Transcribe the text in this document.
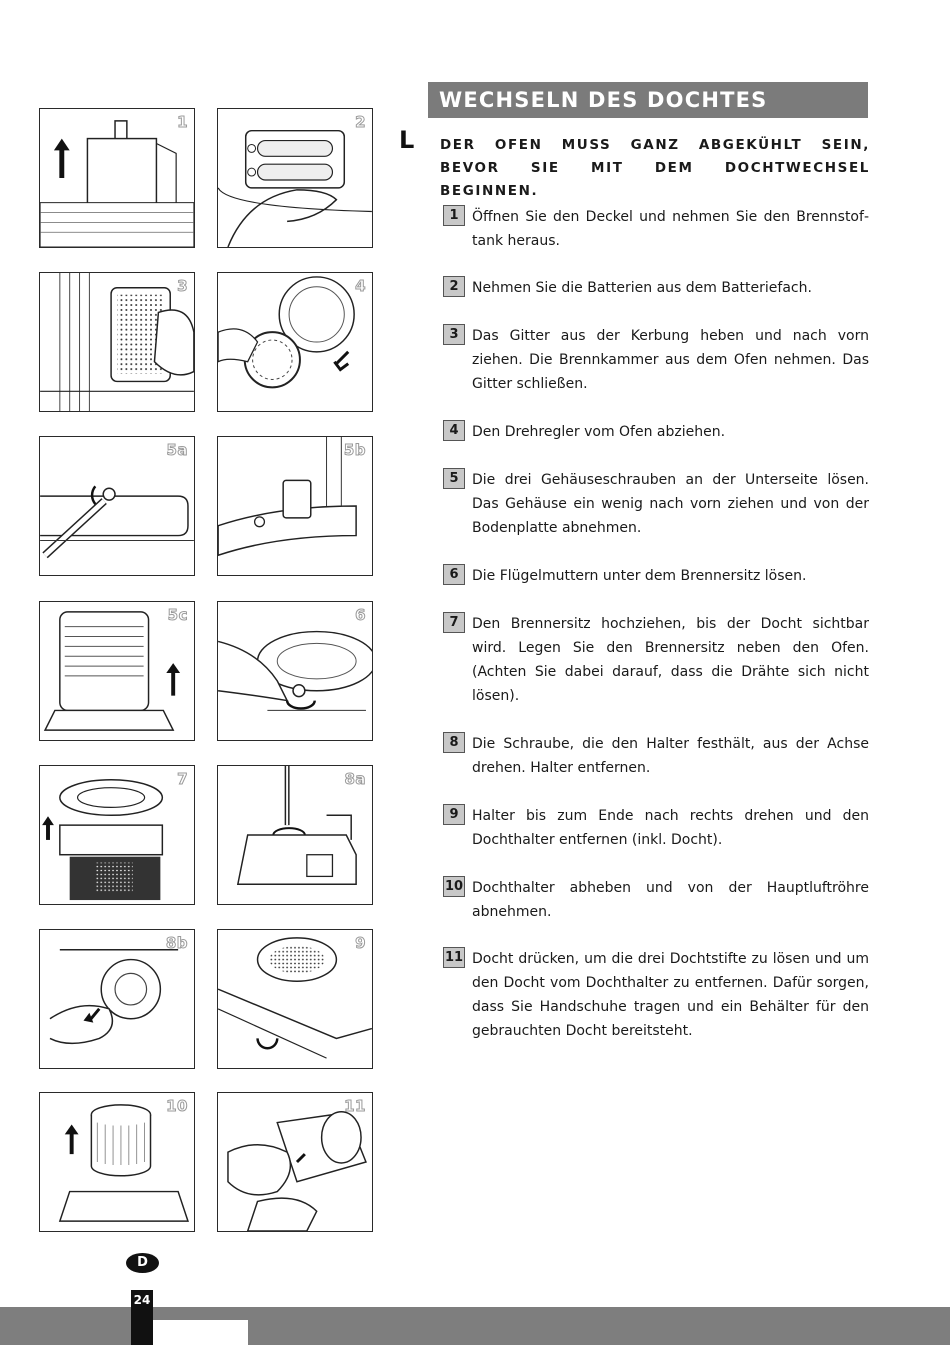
1	2
3	4
5a	5b
5c	6
7	8a
8b	9
10	11
WECHSELN DES DOCHTES
L DER OFEN MUSS GANZ ABGEKÜHLT SEIN, BEVOR SIE MIT DEM DOCHTWECHSEL BEGINNEN.
1 Öffnen Sie den Deckel und nehmen Sie den Brennstoftank heraus.
2 Nehmen Sie die Batterien aus dem Batteriefach.
3 Das Gitter aus der Kerbung heben und nach vorn ziehen. Die Brennkammer aus dem Ofen nehmen. Das Gitter schließen.
4 Den Drehregler vom Ofen abziehen.
5 Die drei Gehäuseschrauben an der Unterseite lösen. Das Gehäuse ein wenig nach vorn ziehen und von der Bodenplatte abnehmen.
6 Die Flügelmuttern unter dem Brennersitz lösen.
7 Den Brennersitz hochziehen, bis der Docht sichtbar wird. Legen Sie den Brennersitz neben den Ofen. (Achten Sie dabei darauf, dass die Drähte sich nicht lösen).
8 Die Schraube, die den Halter festhält, aus der Achse drehen. Halter entfernen.
9 Halter bis zum Ende nach rechts drehen und den Dochthalter entfernen (inkl. Docht).
10 Dochthalter abheben und von der Hauptluftröhre abnehmen.
11 Docht drücken, um die drei Dochtstifte zu lösen und um den Docht vom Dochthalter zu entfernen. Dafür sorgen, dass Sie Handschuhe tragen und ein Behälter für den gebrauchten Docht bereitsteht.
D
24
